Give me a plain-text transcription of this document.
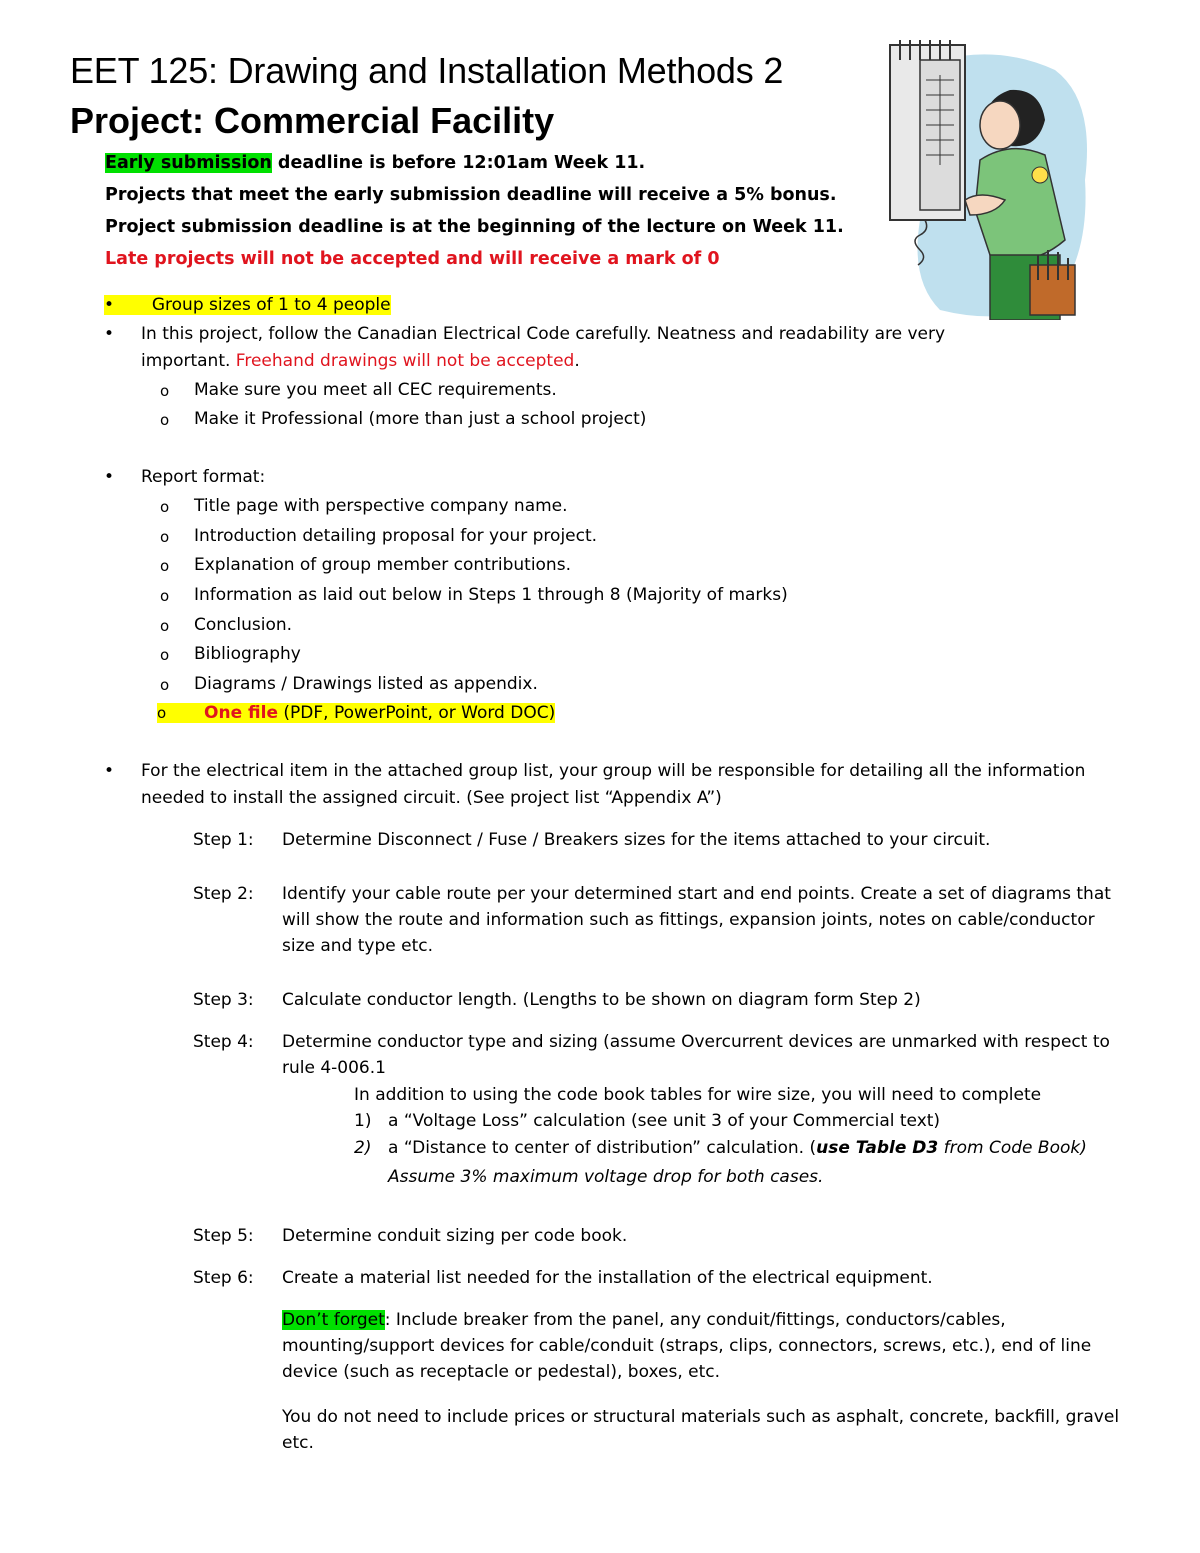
EET 125: Drawing and Installation Methods 2
Project: Commercial Facility
Early submission deadline is before 12:01am Week 11.
Projects that meet the early submission deadline will receive a 5% bonus.
Project submission deadline is at the beginning of the lecture on Week 11.
Late projects will not be accepted and will receive a mark of 0
• Group sizes of 1 to 4 people
• In this project, follow the Canadian Electrical Code carefully. Neatness and readability are very
important. Freehand drawings will not be accepted.
o Make sure you meet all CEC requirements.
o Make it Professional (more than just a school project)
• Report format:
o Title page with perspective company name.
o Introduction detailing proposal for your project.
o Explanation of group member contributions.
o Information as laid out below in Steps 1 through 8 (Majority of marks)
o Conclusion.
o Bibliography
o Diagrams / Drawings listed as appendix.
o One file (PDF, PowerPoint, or Word DOC)
• For the electrical item in the attached group list, your group will be responsible for detailing all the information
needed to install the assigned circuit. (See project list “Appendix A”)
Step 1: Determine Disconnect / Fuse / Breakers sizes for the items attached to your circuit.
Step 2: Identify your cable route per your determined start and end points. Create a set of diagrams that will show the route and information such as fittings, expansion joints, notes on cable/conductor size and type etc.
Step 3: Calculate conductor length. (Lengths to be shown on diagram form Step 2)
Step 4: Determine conductor type and sizing (assume Overcurrent devices are unmarked with respect to rule 4-006.1
In addition to using the code book tables for wire size, you will need to complete
1) a “Voltage Loss” calculation (see unit 3 of your Commercial text)
2) a “Distance to center of distribution” calculation. (use Table D3 from Code Book)
Assume 3% maximum voltage drop for both cases.
Step 5: Determine conduit sizing per code book.
Step 6: Create a material list needed for the installation of the electrical equipment.
Don’t forget: Include breaker from the panel, any conduit/fittings, conductors/cables, mounting/support devices for cable/conduit (straps, clips, connectors, screws, etc.), end of line device (such as receptacle or pedestal), boxes, etc.
You do not need to include prices or structural materials such as asphalt, concrete, backfill, gravel etc.
